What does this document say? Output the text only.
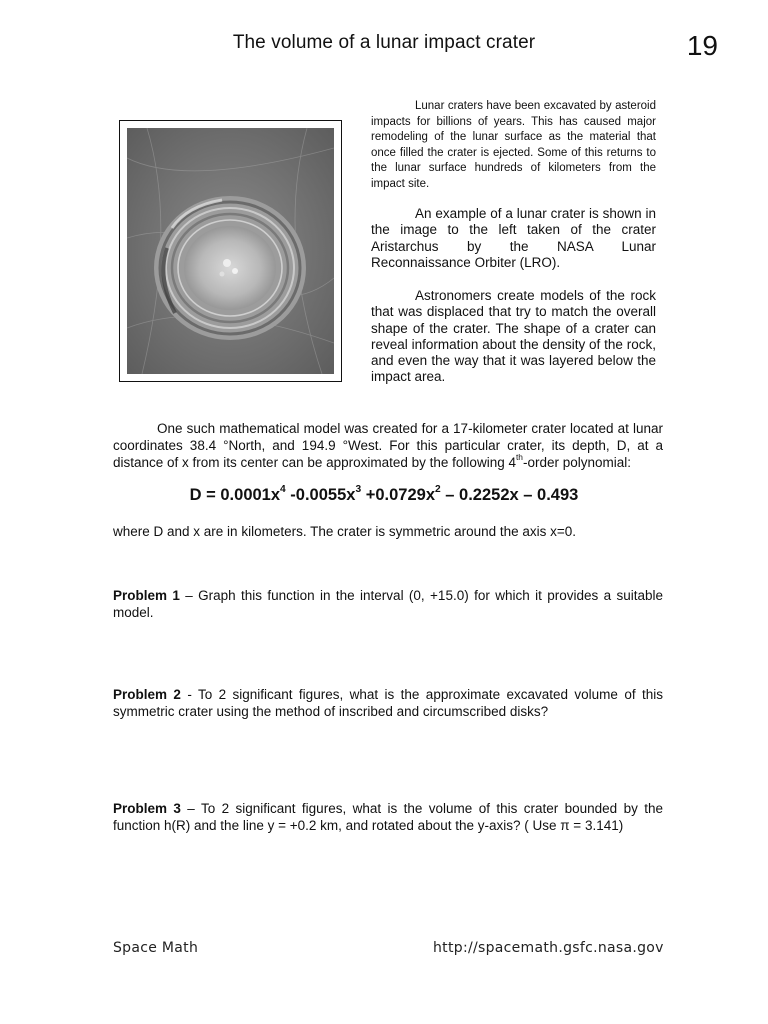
The volume of a lunar impact crater	19
Lunar craters have been excavated by asteroid impacts for billions of years. This has caused major remodeling of the lunar surface as the material that once filled the crater is ejected. Some of this returns to the lunar surface hundreds of kilometers from the impact site.
An example of a lunar crater is shown in the image to the left taken of the crater Aristarchus by the NASA Lunar Reconnaissance Orbiter (LRO).
Astronomers create models of the rock that was displaced that try to match the overall shape of the crater. The shape of a crater can reveal information about the density of the rock, and even the way that it was layered below the impact area.
One such mathematical model was created for a 17-kilometer crater located at lunar coordinates 38.4 °North, and 194.9 °West. For this particular crater, its depth, D, at a distance of x from its center can be approximated by the following 4th-order polynomial:
$D = 0.0001x^4$ $-0.0055x^3 +0.0729x^2 - 0.2252x - 0.493$
where D and x are in kilometers. The crater is symmetric around the axis x=0.
Problem 1 – Graph this function in the interval (0, +15.0) for which it provides a suitable model.
Problem 2 - To 2 significant figures, what is the approximate excavated volume of this symmetric crater using the method of inscribed and circumscribed disks?
Problem 3 – To 2 significant figures, what is the volume of this crater bounded by the function h(R) and the line y = +0.2 km, and rotated about the y-axis? ( Use π = 3.141)
Space Math	http://spacemath.gsfc.nasa.gov
